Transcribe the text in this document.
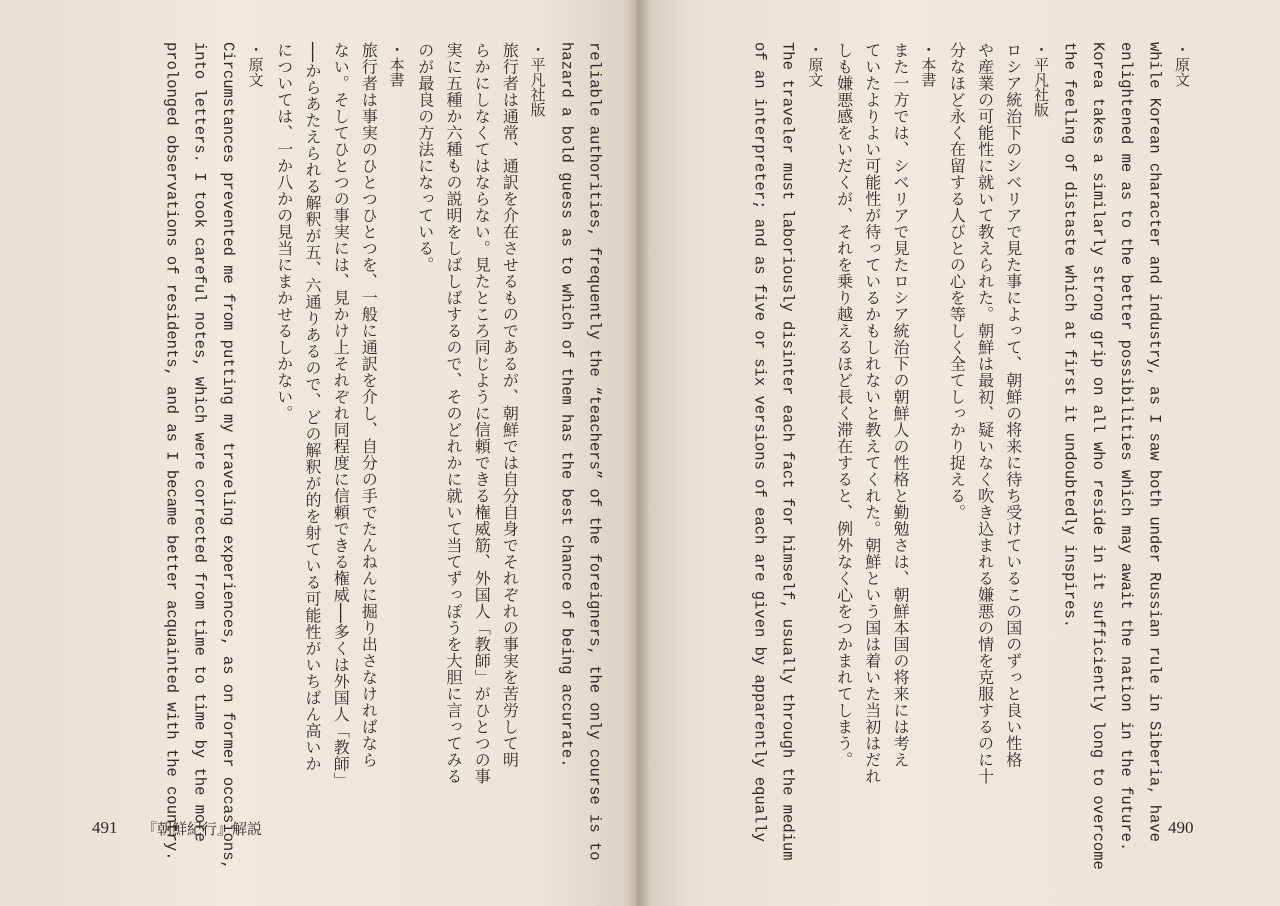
reliable authorities, frequently the “teachers” of the foreigners, the only course is to
hazard a bold guess as to which of them has the best chance of being accurate.
・平凡社版
旅行者は通常、通訳を介在させるものであるが、朝鮮では自分自身でそれぞれの事実を苦労して明
らかにしなくてはならない。見たところ同じように信頼できる権威筋、外国人「教師」がひとつの事
実に五種か六種もの説明をしばしばするので、そのどれかに就いて当てずっぽうを大胆に言ってみる
のが最良の方法になっている。
・本書
旅行者は事実のひとつひとつを、一般に通訳を介し、自分の手でたんねんに掘り出さなければなら
ない。そしてひとつの事実には、見かけ上それぞれ同程度に信頼できる権威──多くは外国人「教師」
──からあたえられる解釈が五、六通りあるので、どの解釈が的を射ている可能性がいちばん高いか
については、一か八かの見当にまかせるしかない。
・原文
Circumstances prevented me from putting my traveling experiences, as on former occasions,
into letters. I took careful notes, which were corrected from time to time by the more
prolonged observations of residents, and as I became better acquainted with the country.
491 『朝鮮紀行』解説
・原文
while Korean character and industry, as I saw both under Russian rule in Siberia, have
enlightened me as to the better possibilities which may await the nation in the future.
Korea takes a similarly strong grip on all who reside in it sufficiently long to overcome
the feeling of distaste which at first it undoubtedly inspires.
・平凡社版
ロシア統治下のシベリアで見た事によって、朝鮮の将来に待ち受けているこの国のずっと良い性格
や産業の可能性に就いて教えられた。朝鮮は最初、疑いなく吹き込まれる嫌悪の情を克服するのに十
分なほど永く在留する人びとの心を等しく全てしっかり捉える。
・本書
また一方では、シベリアで見たロシア統治下の朝鮮人の性格と勤勉さは、朝鮮本国の将来には考え
ていたよりよい可能性が待っているかもしれないと教えてくれた。朝鮮という国は着いた当初はだれ
しも嫌悪感をいだくが、それを乗り越えるほど長く滞在すると、例外なく心をつかまれてしまう。
・原文
The traveler must laboriously disinter each fact for himself, usually through the medium
of an interpreter; and as five or six versions of each are given by apparently equally	490
